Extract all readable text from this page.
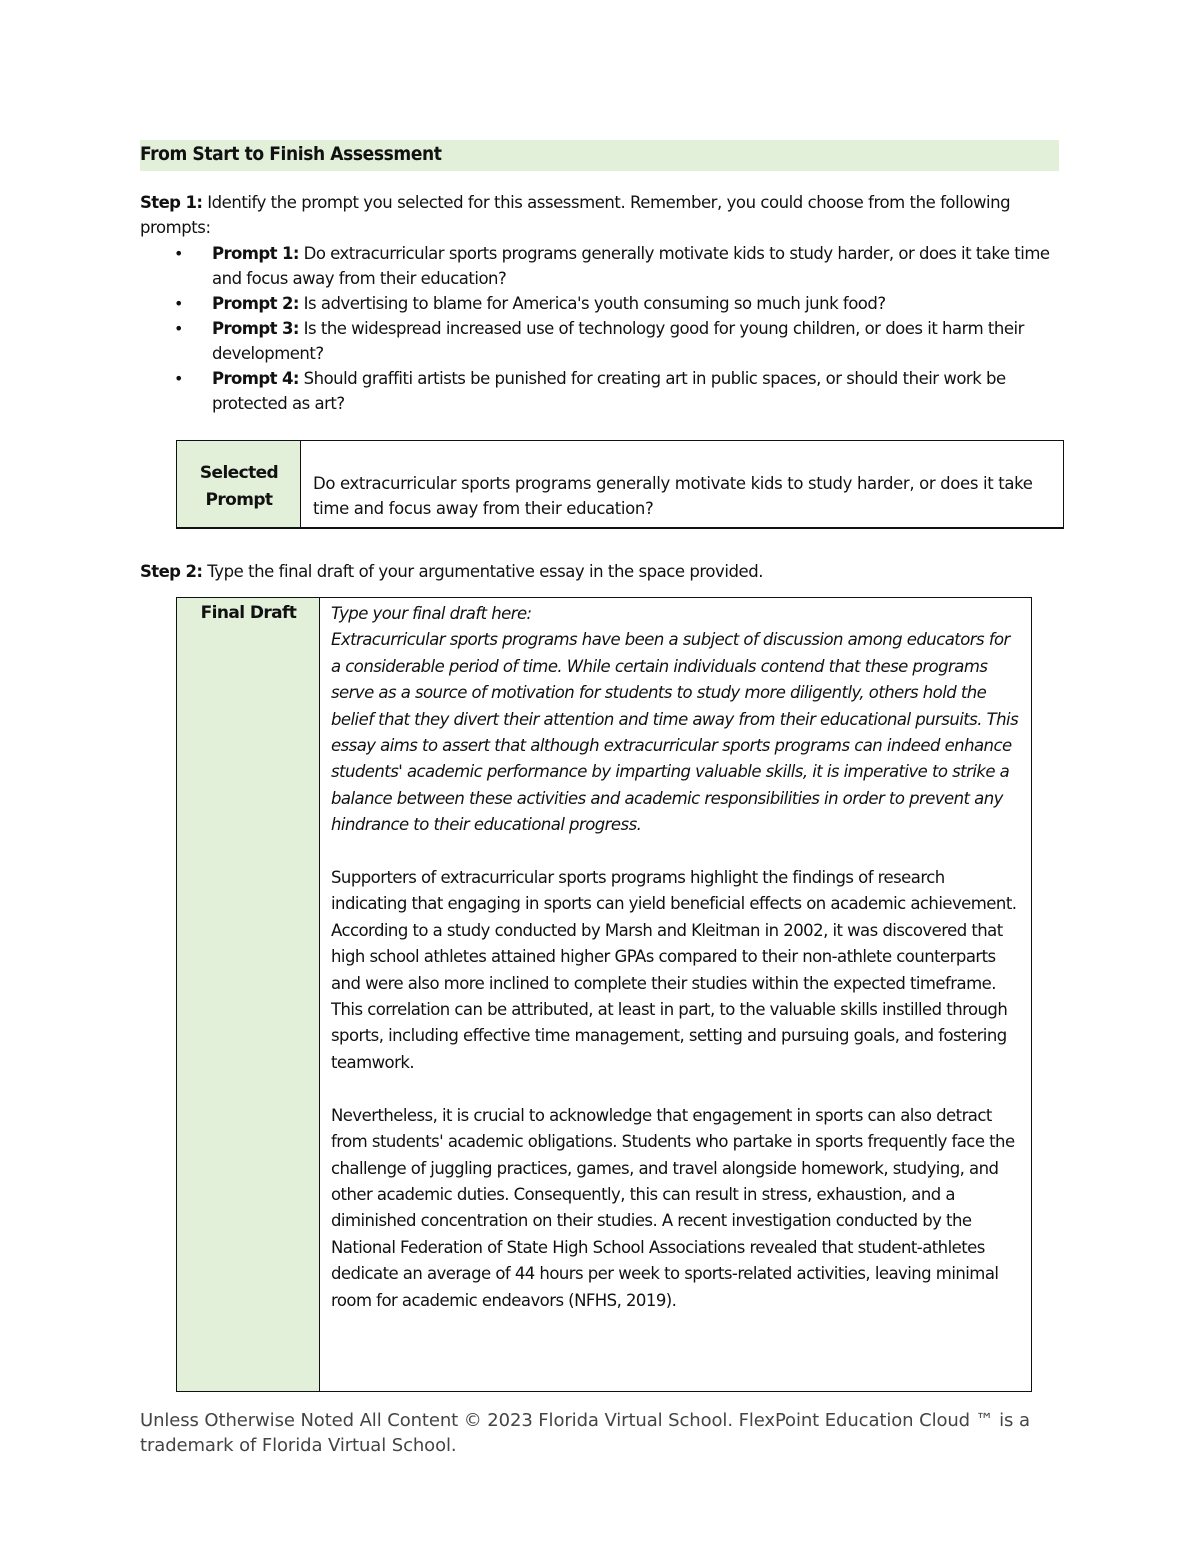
From Start to Finish Assessment
Step 1: Identify the prompt you selected for this assessment. Remember, you could choose from the following prompts:
• Prompt 1: Do extracurricular sports programs generally motivate kids to study harder, or does it take time and focus away from their education?
• Prompt 2: Is advertising to blame for America's youth consuming so much junk food?
• Prompt 3: Is the widespread increased use of technology good for young children, or does it harm their development?
• Prompt 4: Should graffiti artists be punished for creating art in public spaces, or should their work be protected as art?
Selected
Prompt
Do extracurricular sports programs generally motivate kids to study harder, or does it take time and focus away from their education?
Step 2: Type the final draft of your argumentative essay in the space provided.
Final Draft	Type your final draft here:
Extracurricular sports programs have been a subject of discussion among educators for a considerable period of time. While certain individuals contend that these programs serve as a source of motivation for students to study more diligently, others hold the belief that they divert their attention and time away from their educational pursuits. This essay aims to assert that although extracurricular sports programs can indeed enhance students' academic performance by imparting valuable skills, it is imperative to strike a balance between these activities and academic responsibilities in order to prevent any hindrance to their educational progress.

Supporters of extracurricular sports programs highlight the findings of research indicating that engaging in sports can yield beneficial effects on academic achievement. According to a study conducted by Marsh and Kleitman in 2002, it was discovered that high school athletes attained higher GPAs compared to their non-athlete counterparts and were also more inclined to complete their studies within the expected timeframe. This correlation can be attributed, at least in part, to the valuable skills instilled through sports, including effective time management, setting and pursuing goals, and fostering teamwork.

Nevertheless, it is crucial to acknowledge that engagement in sports can also detract from students' academic obligations. Students who partake in sports frequently face the challenge of juggling practices, games, and travel alongside homework, studying, and other academic duties. Consequently, this can result in stress, exhaustion, and a diminished concentration on their studies. A recent investigation conducted by the National Federation of State High School Associations revealed that student-athletes dedicate an average of 44 hours per week to sports-related activities, leaving minimal room for academic endeavors (NFHS, 2019).

Unless Otherwise Noted All Content © 2023 Florida Virtual School. FlexPoint Education Cloud ™ is a trademark of Florida Virtual School.
